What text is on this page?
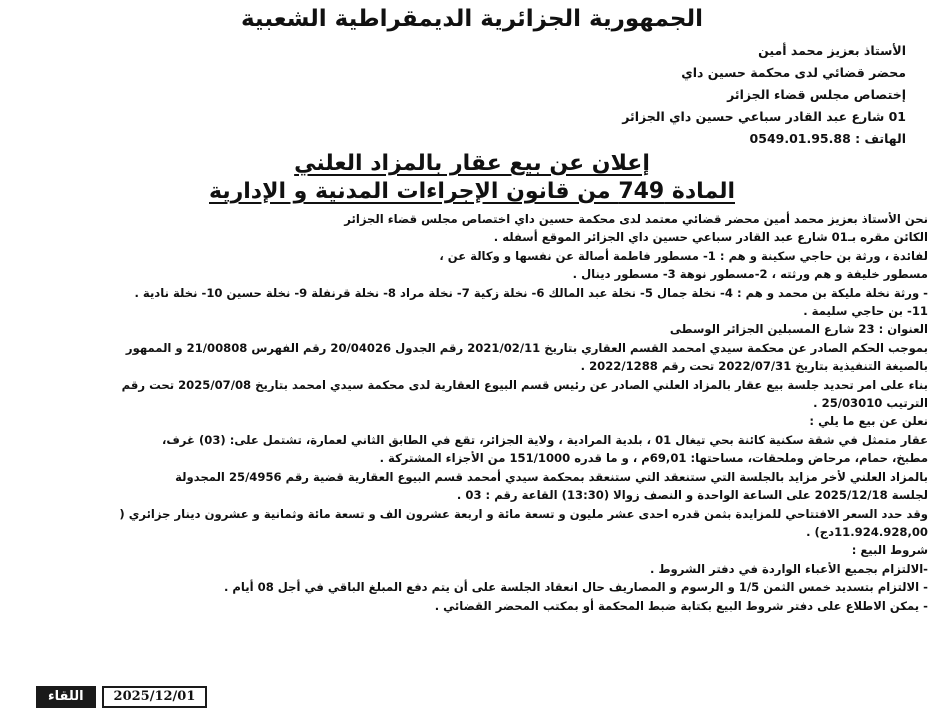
الجمهورية الجزائرية الديمقراطية الشعبية
الأستاذ بعزيز محمد أمين
محضر قضائي لدى محكمة حسين داي
إختصاص مجلس قضاء الجزائر
01 شارع عبد القادر سباعي حسين داي الجزائر
الهاتف : 0549.01.95.88
إعلان عن بيع عقار بالمزاد العلني
المادة 749 من قانون الإجراءات المدنية و الإدارية

نحن الأستاذ بعزيز محمد أمين محضر قضائي معتمد لدى محكمة حسين داي اختصاص مجلس قضاء الجزائر

الكائن مقره بـ01 شارع عبد القادر سباعي حسين داي الجزائر الموقع أسفله .

لفائدة ، ورثة بن حاجي سكينة و هم : 1- مسطور فاطمة أصالة عن نفسها و وكالة عن ،

مسطور خليفة و هم ورثته ، 2-مسطور نوهة 3- مسطور دينال .

- ورثة نخلة مليكة بن محمد و هم : 4- نخلة جمال 5- نخلة عبد المالك 6- نخلة زكية 7- نخلة مراد 8- نخلة قرنفلة 9- نخلة حسين 10- نخلة نادية .

11- بن حاجي سليمة .

العنوان : 23 شارع المسبلين الجزائر الوسطى

بموجب الحكم الصادر عن محكمة سيدي امحمد القسم العقاري بتاريخ 2021/02/11 رقم الجدول 20/04026 رقم الفهرس 21/00808 و الممهور

بالصيغة التنفيذية بتاريخ 2022/07/31 تحت رقم 2022/1288 .

بناء على امر تحديد جلسة بيع عقار بالمزاد العلني الصادر عن رئيس قسم البيوع العقارية لدى محكمة سيدي امحمد بتاريخ 2025/07/08 تحت رقم

الترتيب 25/03010 .

نعلن عن بيع ما يلي :

عقار متمثل في شقة سكنية كائنة بحي تيغال 01 ، بلدية المرادية ، ولاية الجزائر، تقع في الطابق الثاني لعمارة، تشتمل على: (03) غرف،

مطبخ، حمام، مرحاض وملحقات، مساحتها: 69,01م ، و ما قدره 151/1000 من الأجزاء المشتركة .

بالمزاد العلني لأخر مزايد بالجلسة التي ستنعقد التي ستنعقد بمحكمة سيدي أمحمد قسم البيوع العقارية قضية رقم 25/4956 المجدولة

لجلسة 2025/12/18 على الساعة الواحدة و النصف زوالا (13:30) القاعة رقم : 03 .

وقد حدد السعر الافتتاحي للمزايدة بثمن قدره احدى عشر مليون و تسعة مائة و اربعة عشرون الف و تسعة مائة وثمانية و عشرون دينار جزائري (

11.924.928,00دج) .

شروط البيع :

-الالتزام بجميع الأعباء الواردة في دفتر الشروط .

- الالتزام بتسديد خمس الثمن 1/5 و الرسوم و المصاريف حال انعقاد الجلسة على أن يتم دفع المبلغ الباقي في أجل 08 أيام .

- يمكن الاطلاع على دفتر شروط البيع بكتابة ضبط المحكمة أو بمكتب المحضر القضائي .

اللقاء	2025/12/01
